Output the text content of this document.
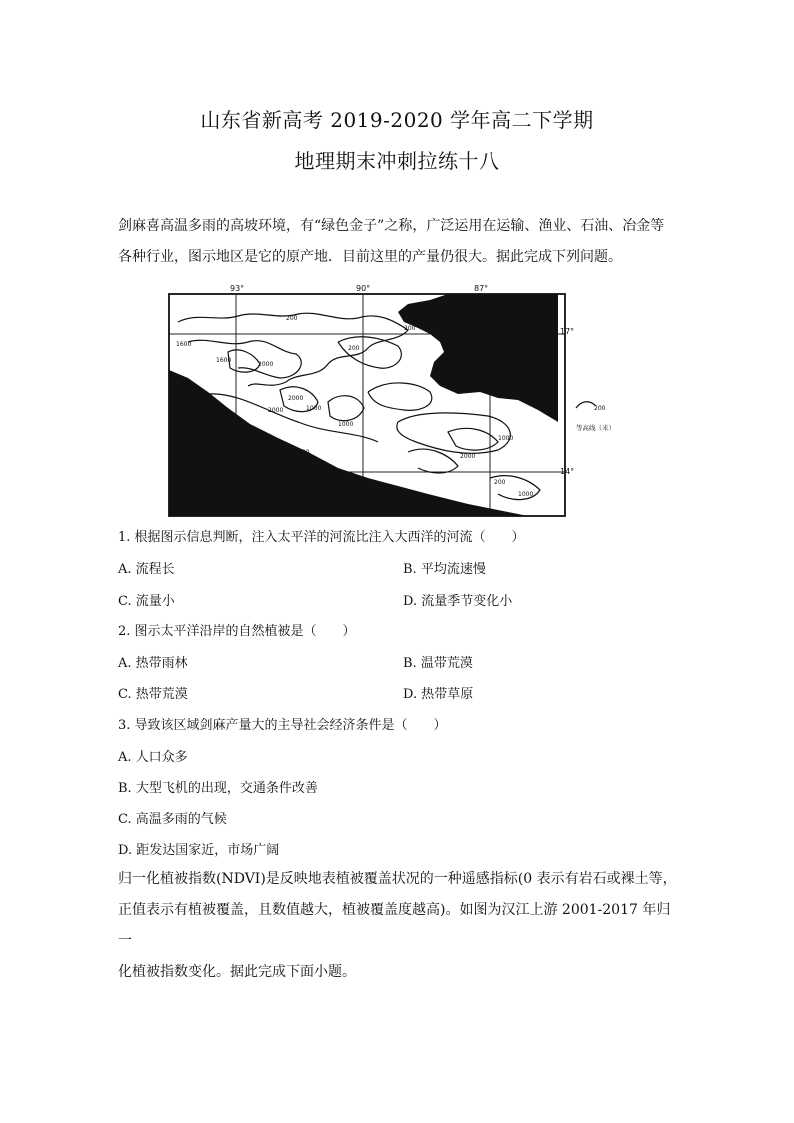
山东省新高考 2019-2020 学年高二下学期
地理期末冲刺拉练十八
剑麻喜高温多雨的高坡环境，有“绿色金子”之称，广泛运用在运输、渔业、石油、冶金等
各种行业，图示地区是它的原产地．目前这里的产量仍很大。据此完成下列问题。
93°	90°	87°
17°
14°
200
200
1600
1600
200
2000
2000
2000
1000
1000
200
1000
2000
200
1000
200
等高线（米）
1. 根据图示信息判断，注入太平洋的河流比注入大西洋的河流（　　）
A. 流程长	B. 平均流速慢
C. 流量小	D. 流量季节变化小
2. 图示太平洋沿岸的自然植被是（　　）
A. 热带雨林	B. 温带荒漠
C. 热带荒漠	D. 热带草原
3. 导致该区域剑麻产量大的主导社会经济条件是（　　）
A. 人口众多
B. 大型飞机的出现，交通条件改善
C. 高温多雨的气候
D. 距发达国家近，市场广阔
归一化植被指数(NDVI)是反映地表植被覆盖状况的一种遥感指标(0 表示有岩石或裸土等，
正值表示有植被覆盖，且数值越大，植被覆盖度越高)。如图为汉江上游 2001-2017 年归一
化植被指数变化。据此完成下面小题。
